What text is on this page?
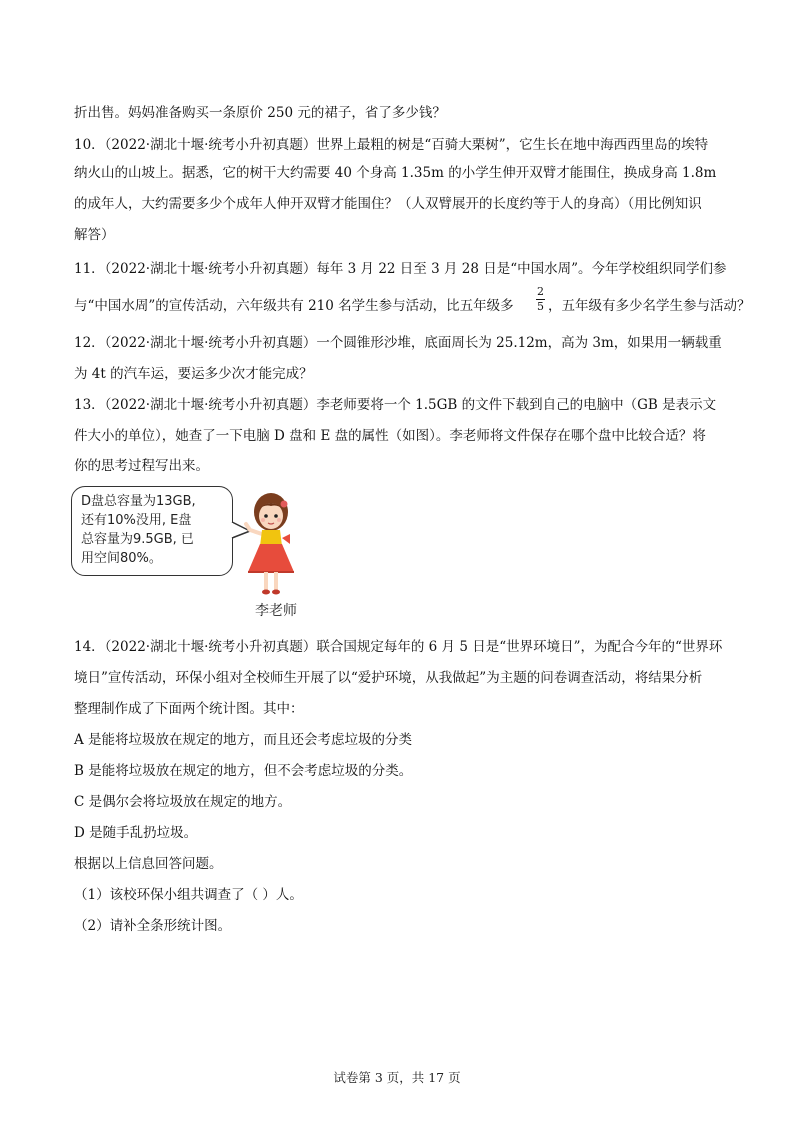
折出售。妈妈准备购买一条原价 250 元的裙子，省了多少钱？
10．（2022·湖北十堰·统考小升初真题）世界上最粗的树是“百骑大栗树”，它生长在地中海西西里岛的埃特
纳火山的山坡上。据悉，它的树干大约需要 40 个身高 1.35m 的小学生伸开双臂才能围住，换成身高 1.8m
的成年人，大约需要多少个成年人伸开双臂才能围住？（人双臂展开的长度约等于人的身高）（用比例知识
解答）
11．（2022·湖北十堰·统考小升初真题）每年 3 月 22 日至 3 月 28 日是“中国水周”。今年学校组织同学们参
与“中国水周”的宣传活动，六年级共有 210 名学生参与活动，比五年级多
2
5 ，五年级有多少名学生参与活动？
12．（2022·湖北十堰·统考小升初真题）一个圆锥形沙堆，底面周长为 25.12m，高为 3m，如果用一辆载重
为 4t 的汽车运，要运多少次才能完成？
13．（2022·湖北十堰·统考小升初真题）李老师要将一个 1.5GB 的文件下载到自己的电脑中（GB 是表示文
件大小的单位），她查了一下电脑 D 盘和 E 盘的属性（如图）。李老师将文件保存在哪个盘中比较合适？将
你的思考过程写出来。
D盘总容量为13GB,
还有10%没用, E盘
总容量为9.5GB, 已
用空间80%。
李老师
14．（2022·湖北十堰·统考小升初真题）联合国规定每年的 6 月 5 日是“世界环境日”，为配合今年的“世界环
境日”宣传活动，环保小组对全校师生开展了以“爱护环境，从我做起”为主题的问卷调查活动，将结果分析
整理制作成了下面两个统计图。其中：
A 是能将垃圾放在规定的地方，而且还会考虑垃圾的分类
B 是能将垃圾放在规定的地方，但不会考虑垃圾的分类。
C 是偶尔会将垃圾放在规定的地方。
D 是随手乱扔垃圾。
根据以上信息回答问题。
（1）该校环保小组共调查了（ ）人。
（2）请补全条形统计图。
试卷第 3 页，共 17 页
